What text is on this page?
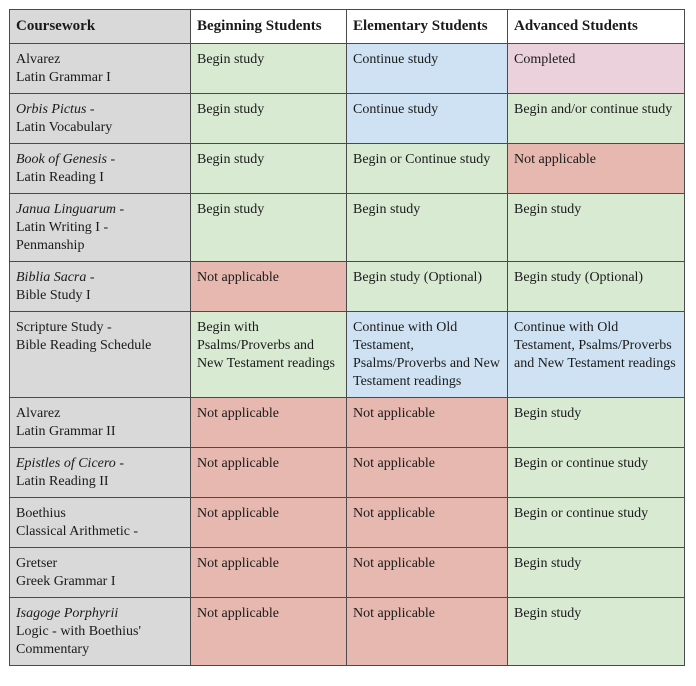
Coursework	Beginning Students	Elementary Students	Advanced Students

Alvarez
Latin Grammar I	Begin study	Continue study	Completed

Orbis Pictus -
Latin Vocabulary	Begin study	Continue study	Begin and/or continue study

Book of Genesis -
Latin Reading I	Begin study	Begin or Continue study	Not applicable

Janua Linguarum -
Latin Writing I -
Penmanship	Begin study	Begin study	Begin study

Biblia Sacra -
Bible Study I	Not applicable	Begin study (Optional)	Begin study (Optional)

Scripture Study -
Bible Reading Schedule	Begin with Psalms/Proverbs and New Testament readings	Continue with Old Testament, Psalms/Proverbs and New Testament readings	Continue with Old Testament, Psalms/Proverbs and New Testament readings

Alvarez
Latin Grammar II	Not applicable	Not applicable	Begin study

Epistles of Cicero -
Latin Reading II	Not applicable	Not applicable	Begin or continue study

Boethius
Classical Arithmetic -	Not applicable	Not applicable	Begin or continue study

Gretser
Greek Grammar I	Not applicable	Not applicable	Begin study

Isagoge Porphyrii
Logic - with Boethius'
Commentary	Not applicable	Not applicable	Begin study
